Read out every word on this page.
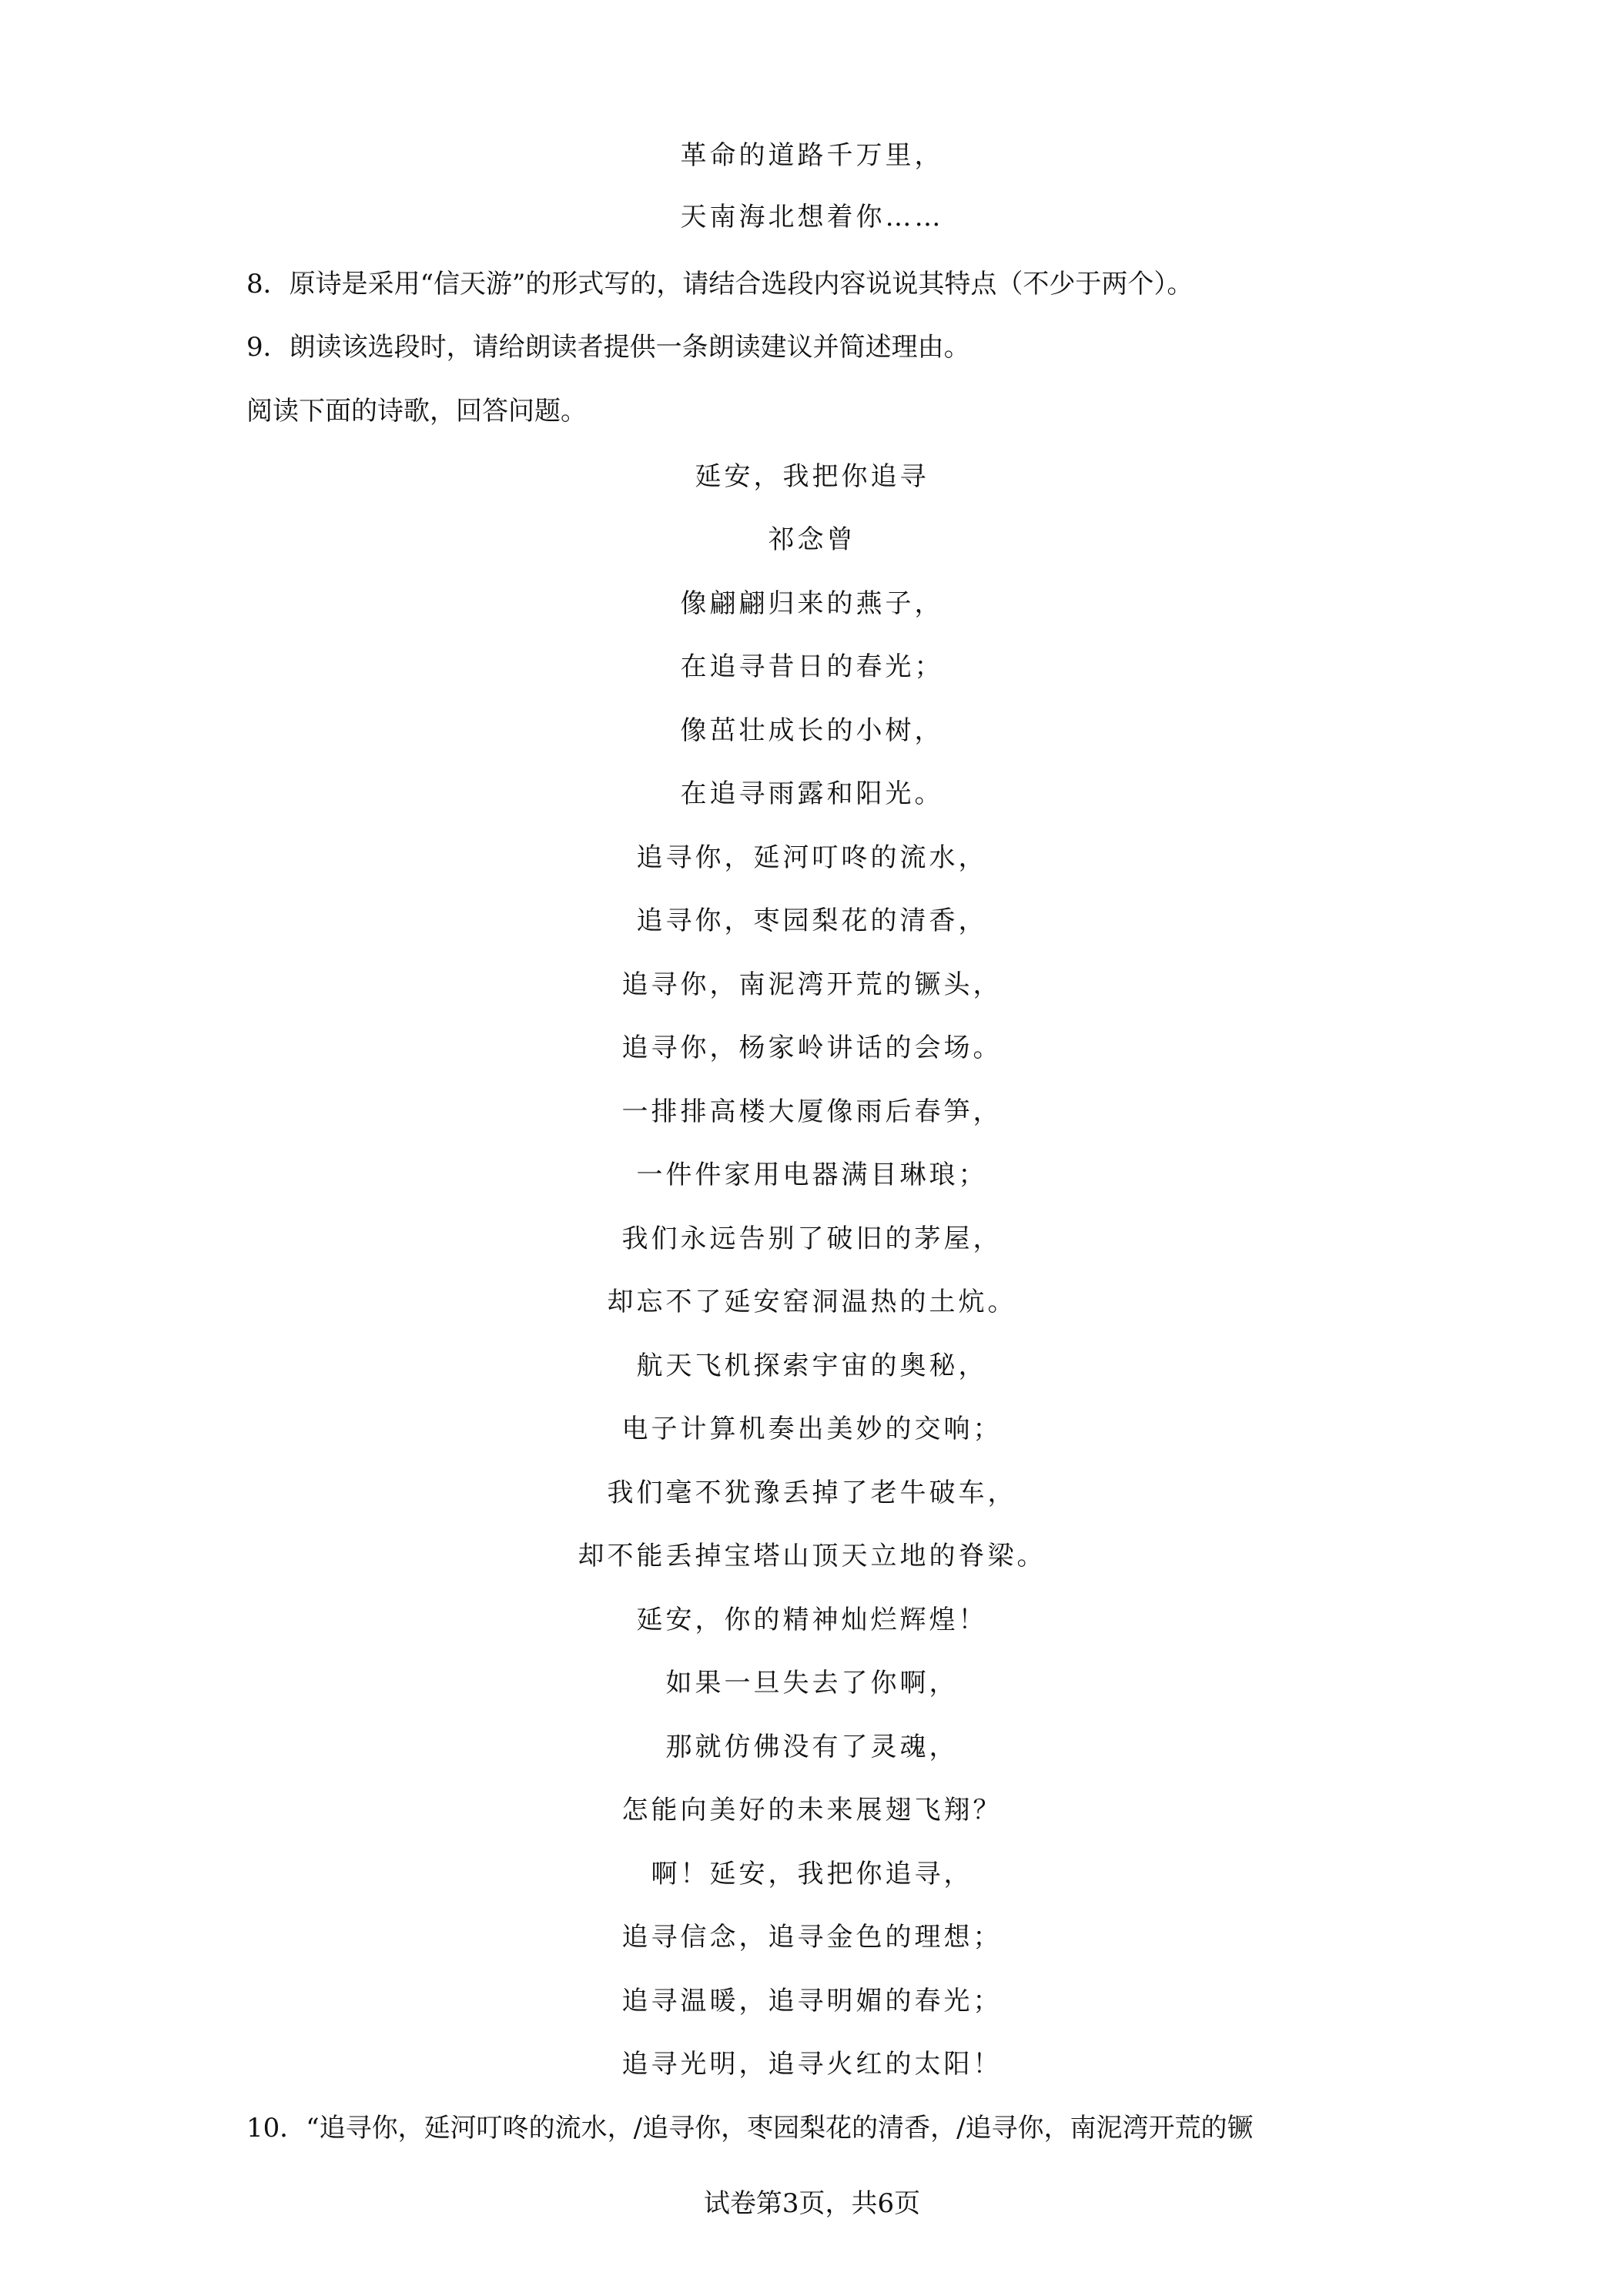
革命的道路千万里，
天南海北想着你……
8．原诗是采用“信天游”的形式写的，请结合选段内容说说其特点（不少于两个）。
9．朗读该选段时，请给朗读者提供一条朗读建议并简述理由。
阅读下面的诗歌，回答问题。
延安，我把你追寻
祁念曾
像翩翩归来的燕子，
在追寻昔日的春光；
像茁壮成长的小树，
在追寻雨露和阳光。
追寻你，延河叮咚的流水，
追寻你，枣园梨花的清香，
追寻你，南泥湾开荒的镢头，
追寻你，杨家岭讲话的会场。
一排排高楼大厦像雨后春笋，
一件件家用电器满目琳琅；
我们永远告别了破旧的茅屋，
却忘不了延安窑洞温热的土炕。
航天飞机探索宇宙的奥秘，
电子计算机奏出美妙的交响；
我们毫不犹豫丢掉了老牛破车，
却不能丢掉宝塔山顶天立地的脊梁。
延安，你的精神灿烂辉煌！
如果一旦失去了你啊，
那就仿佛没有了灵魂，
怎能向美好的未来展翅飞翔？
啊！延安，我把你追寻，
追寻信念，追寻金色的理想；
追寻温暖，追寻明媚的春光；
追寻光明，追寻火红的太阳！
10．“追寻你，延河叮咚的流水，/追寻你，枣园梨花的清香，/追寻你，南泥湾开荒的镢
试卷第3页，共6页
